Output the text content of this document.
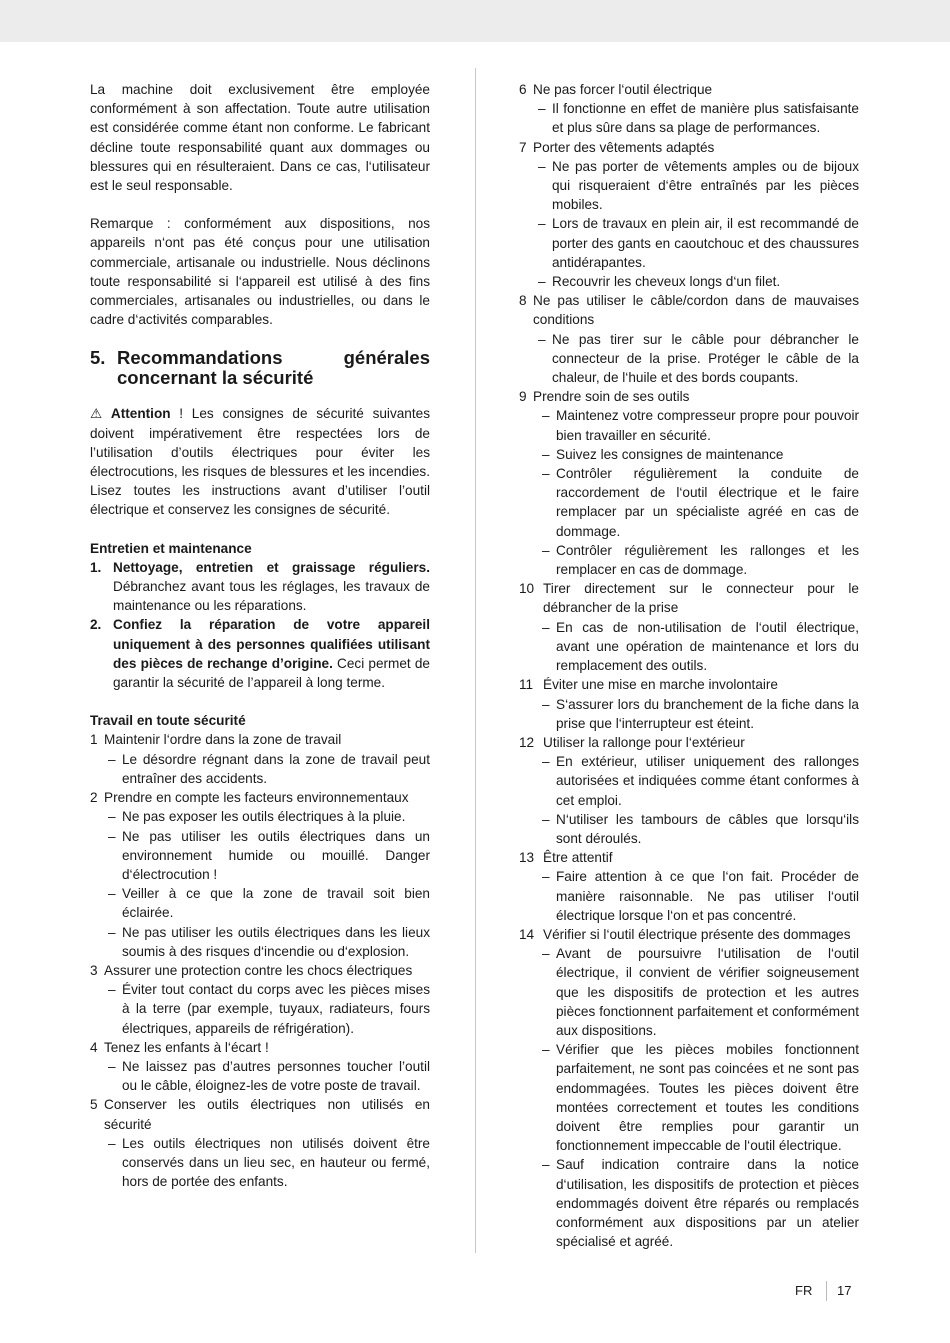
La machine doit exclusivement être employée conformément à son affectation. Toute autre utilisation est considérée comme étant non conforme. Le fabricant décline toute responsabilité quant aux dommages ou blessures qui en résulteraient. Dans ce cas, l‘utilisateur est le seul responsable.

Remarque : conformément aux dispositions, nos appareils n‘ont pas été conçus pour une utilisation commerciale, artisanale ou industrielle. Nous déclinons toute responsabilité si l‘appareil est utilisé à des fins commerciales, artisanales ou industrielles, ou dans le cadre d‘activités comparables.

5. Recommandations	générales
concernant la sécurité

⚠ Attention ! Les consignes de sécurité suivantes doivent impérativement être respectées lors de l’utilisation d’outils électriques pour éviter les électrocutions, les risques de blessures et les incendies. Lisez toutes les instructions avant d’utiliser l’outil électrique et conservez les consignes de sécurité.

Entretien et maintenance
1. Nettoyage, entretien et graissage réguliers. Débranchez avant tous les réglages, les travaux de maintenance ou les réparations.
2. Confiez la réparation de votre appareil uniquement à des personnes qualifiées utilisant des pièces de rechange d’origine. Ceci permet de garantir la sécurité de l’appareil à long terme.
Travail en toute sécurité
1 Maintenir l‘ordre dans la zone de travail
– Le désordre régnant dans la zone de travail peut entraîner des accidents.
2 Prendre en compte les facteurs environnementaux
– Ne pas exposer les outils électriques à la pluie.
– Ne pas utiliser les outils électriques dans un environnement humide ou mouillé. Danger d‘électrocution !
– Veiller à ce que la zone de travail soit bien éclairée.
– Ne pas utiliser les outils électriques dans les lieux soumis à des risques d‘incendie ou d‘explosion.
3 Assurer une protection contre les chocs électriques
– Éviter tout contact du corps avec les pièces mises à la terre (par exemple, tuyaux, radiateurs, fours électriques, appareils de réfrigération).
4 Tenez les enfants à l‘écart !
– Ne laissez pas d’autres personnes toucher l’outil ou le câble, éloignez-les de votre poste de travail.
5 Conserver les outils électriques non utilisés en sécurité
– Les outils électriques non utilisés doivent être conservés dans un lieu sec, en hauteur ou fermé, hors de portée des enfants.
6 Ne pas forcer l‘outil électrique
– Il fonctionne en effet de manière plus satisfaisante et plus sûre dans sa plage de performances.
7 Porter des vêtements adaptés
– Ne pas porter de vêtements amples ou de bijoux qui risqueraient d‘être entraînés par les pièces mobiles.
– Lors de travaux en plein air, il est recommandé de porter des gants en caoutchouc et des chaussures antidérapantes.
– Recouvrir les cheveux longs d‘un filet.
8 Ne pas utiliser le câble/cordon dans de mauvaises conditions
– Ne pas tirer sur le câble pour débrancher le connecteur de la prise. Protéger le câble de la chaleur, de l‘huile et des bords coupants.
9 Prendre soin de ses outils
– Maintenez votre compresseur propre pour pouvoir bien travailler en sécurité.
– Suivez les consignes de maintenance
– Contrôler régulièrement la conduite de raccordement de l‘outil électrique et le faire remplacer par un spécialiste agréé en cas de dommage.
– Contrôler régulièrement les rallonges et les remplacer en cas de dommage.
10 Tirer directement sur le connecteur pour le débrancher de la prise
– En cas de non-utilisation de l‘outil électrique, avant une opération de maintenance et lors du remplacement des outils.
11 Éviter une mise en marche involontaire
– S‘assurer lors du branchement de la fiche dans la prise que l‘interrupteur est éteint.
12 Utiliser la rallonge pour l‘extérieur
– En extérieur, utiliser uniquement des rallonges autorisées et indiquées comme étant conformes à cet emploi.
– N‘utiliser les tambours de câbles que lorsqu‘ils sont déroulés.
13 Être attentif
– Faire attention à ce que l‘on fait. Procéder de manière raisonnable. Ne pas utiliser l‘outil électrique lorsque l‘on et pas concentré.
14 Vérifier si l‘outil électrique présente des dommages
– Avant de poursuivre l‘utilisation de l‘outil électrique, il convient de vérifier soigneusement que les dispositifs de protection et les autres pièces fonctionnent parfaitement et conformément aux dispositions.
– Vérifier que les pièces mobiles fonctionnent parfaitement, ne sont pas coincées et ne sont pas endommagées. Toutes les pièces doivent être montées correctement et toutes les conditions doivent être remplies pour garantir un fonctionnement impeccable de l‘outil électrique.
– Sauf indication contraire dans la notice d‘utilisation, les dispositifs de protection et pièces endommagés doivent être réparés ou remplacés conformément aux dispositions par un atelier spécialisé et agréé.
FR 17
